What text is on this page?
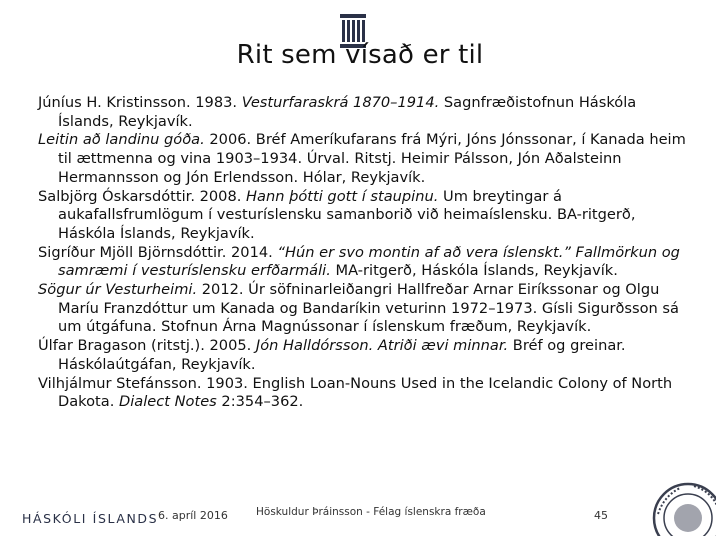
Rit sem vísað er til

Júníus H. Kristinsson. 1983. Vesturfaraskrá 1870–1914. Sagnfræðistofnun Háskóla Íslands, Reykjavík.

Leitin að landinu góða. 2006. Bréf Ameríkufarans frá Mýri, Jóns Jónssonar, í Kanada heim til ættmenna og vina 1903–1934. Úrval. Ritstj. Heimir Pálsson, Jón Aðalsteinn Hermannsson og Jón Erlendsson. Hólar, Reykjavík.

Salbjörg Óskarsdóttir. 2008. Hann þótti gott í staupinu. Um breytingar á aukafallsfrumlögum í vesturíslensku samanborið við heimaíslensku. BA-ritgerð, Háskóla Íslands, Reykjavík.

Sigríður Mjöll Björnsdóttir. 2014. “Hún er svo montin af að vera íslenskt.” Fallmörkun og samræmi í vesturíslensku erfðarmáli. MA-ritgerð, Háskóla Íslands, Reykjavík.

Sögur úr Vesturheimi. 2012. Úr söfninarleiðangri Hallfreðar Arnar Eiríkssonar og Olgu Maríu Franzdóttur um Kanada og Bandaríkin veturinn 1972–1973. Gísli Sigurðsson sá um útgáfuna. Stofnun Árna Magnússonar í íslenskum fræðum, Reykjavík.

Úlfar Bragason (ritstj.). 2005. Jón Halldórsson. Atriði ævi minnar. Bréf og greinar. Háskólaútgáfan, Reykjavík.

Vilhjálmur Stefánsson. 1903. English Loan-Nouns Used in the Icelandic Colony of North Dakota. Dialect Notes 2:354–362.

HÁSKÓLI ÍSLANDS 6. apríl 2016	Höskuldur Þráinsson - Félag íslenskra fræða	45
